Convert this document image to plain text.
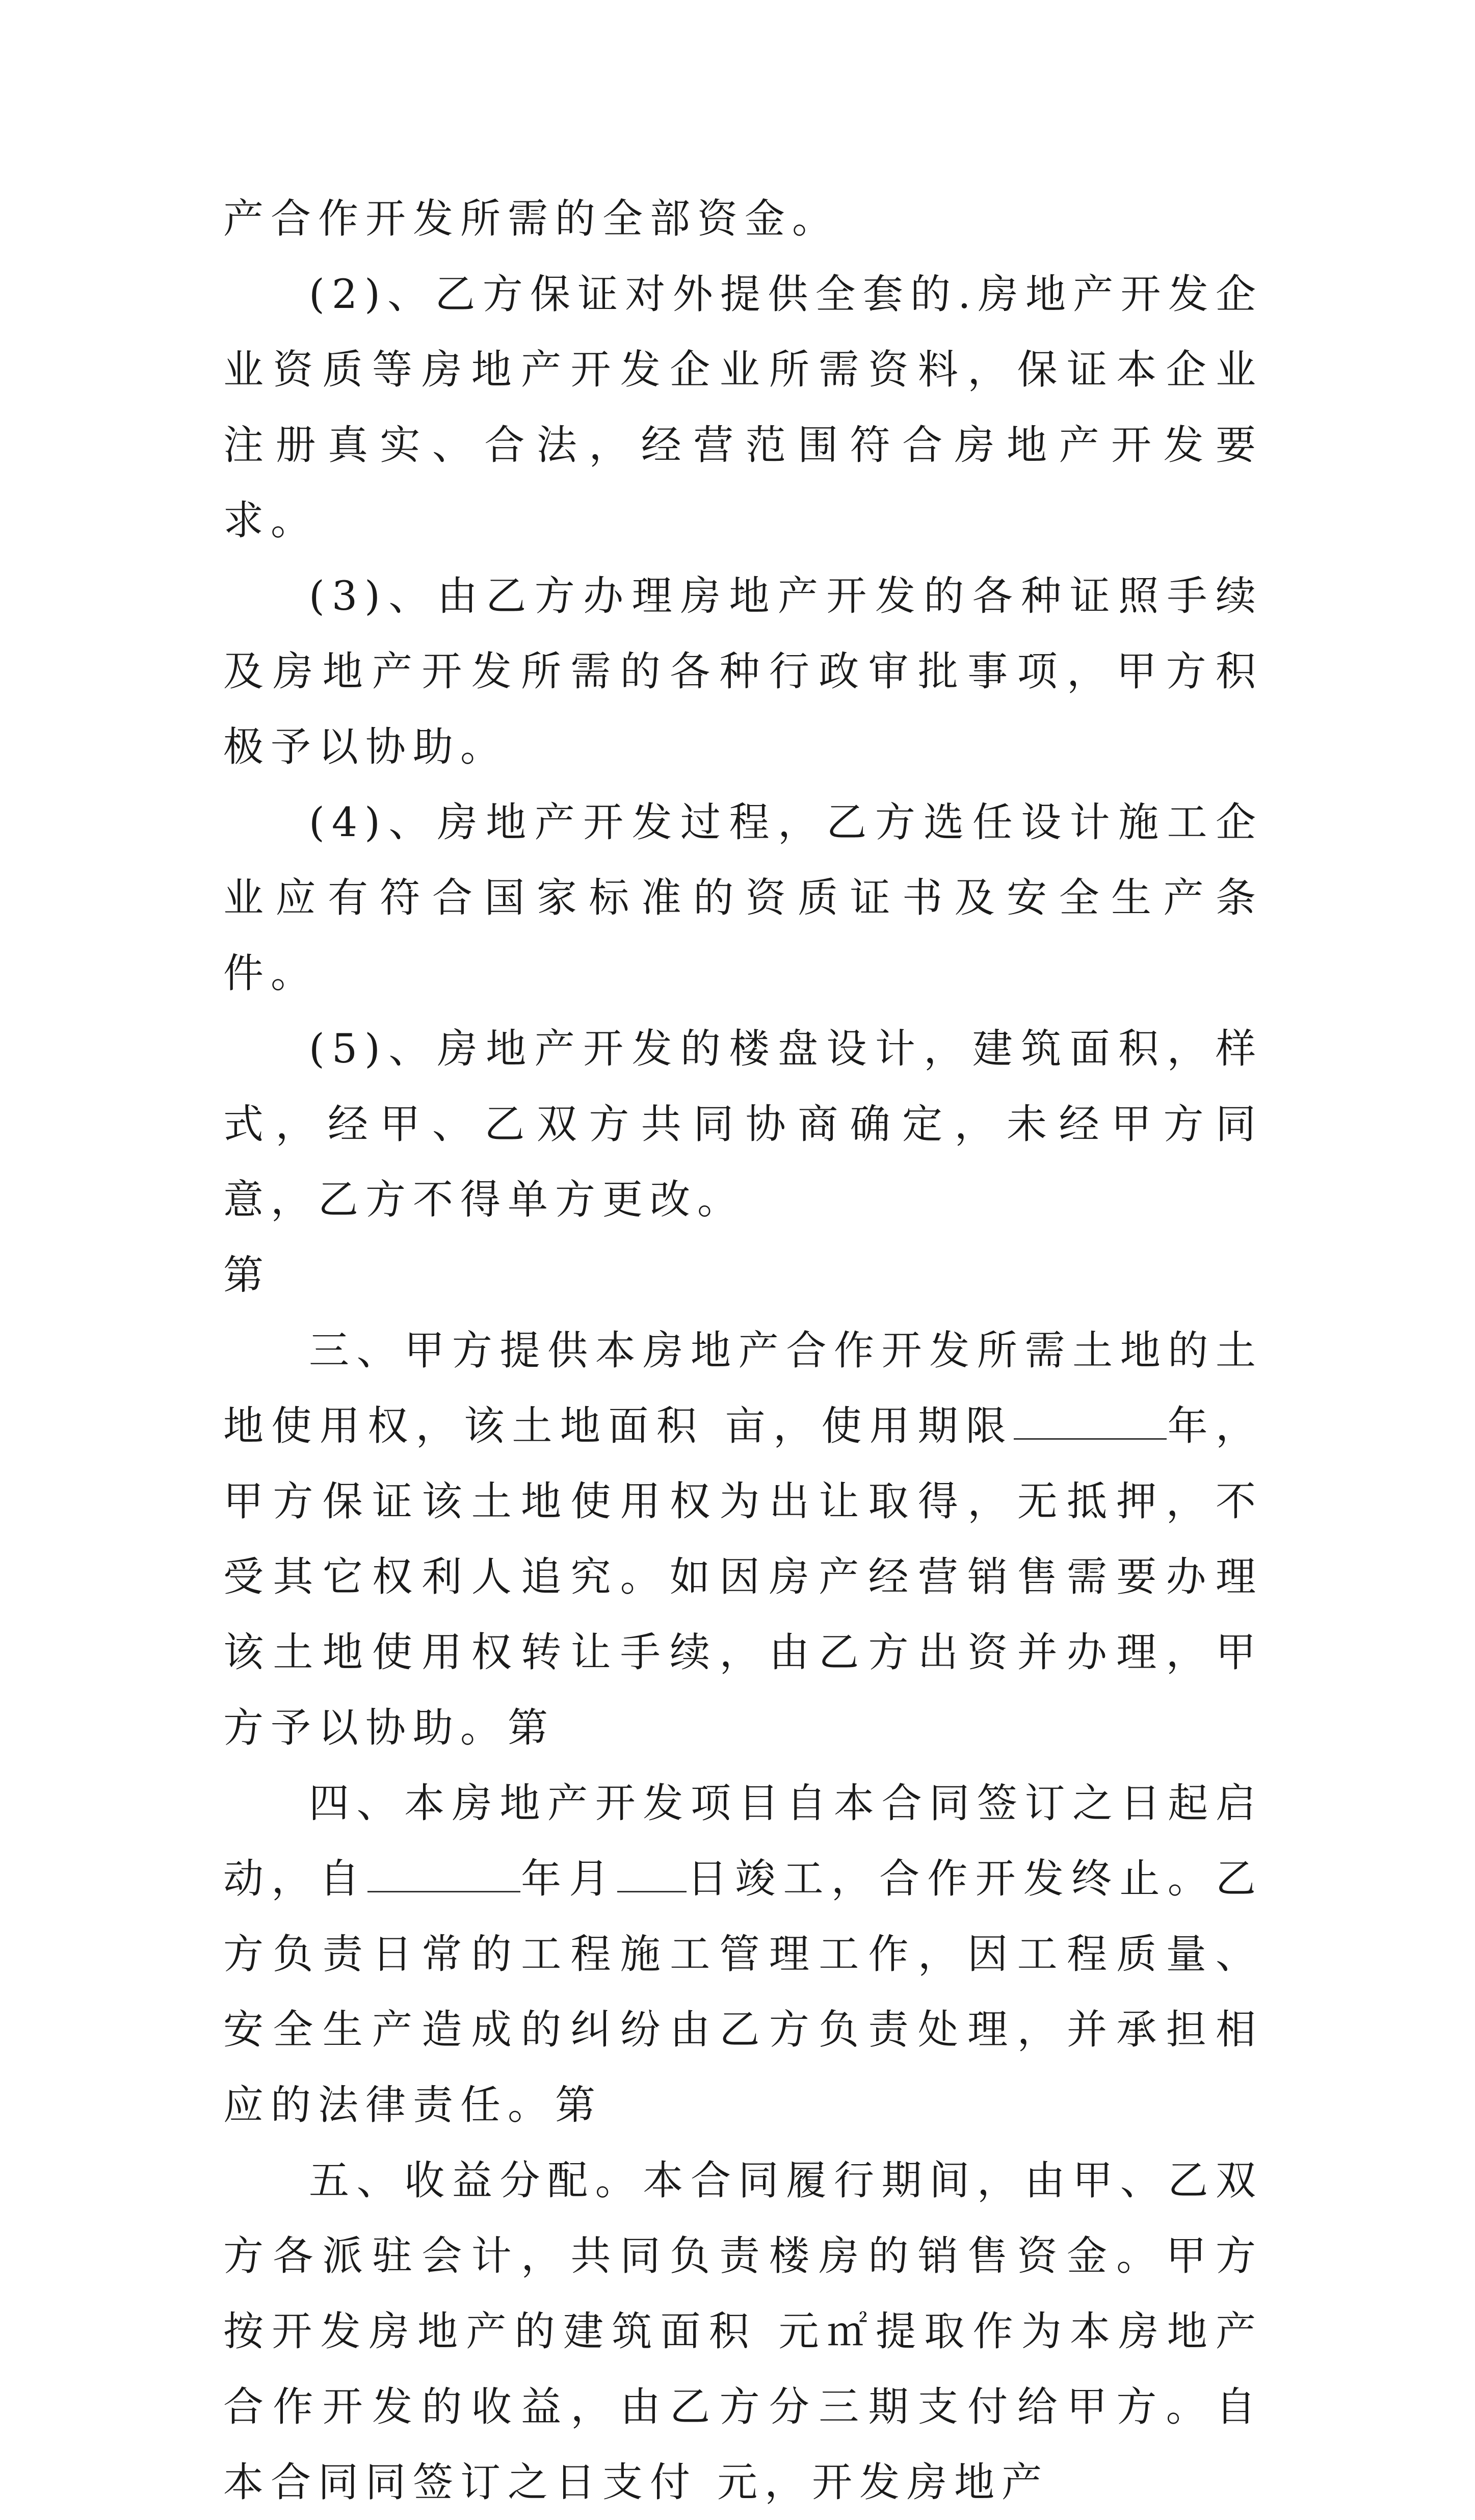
产合作开发所需的全部资金。

(2)、乙方保证对外提供全套的.房地产开发企业资质等房地产开发企业所需资料，保证本企业注册真实、合法，经营范围符合房地产开发要求。

(3)、由乙方办理房地产开发的各种证照手续及房地产开发所需的各种行政审批事项，甲方积极予以协助。

(4)、房地产开发过程，乙方选任设计施工企业应有符合国家标准的资质证书及安全生产条件。

(5)、房地产开发的楼盘设计，建筑面积，样式，经甲、乙双方共同协商确定，未经甲方同意，乙方不得单方更改。

第

三、甲方提供本房地产合作开发所需土地的土地使用权，该土地面积 亩，使用期限	年，甲方保证该土地使用权为出让取得，无抵押，不受其它权利人追究。如因房产经营销售需要办理该土地使用权转让手续，由乙方出资并办理，甲方予以协助。第

四、本房地产开发项目自本合同签订之日起启动，自	年月 日竣工，合作开发终止。乙方负责日常的工程施工管理工作，因工程质量、安全生产造成的纠纷由乙方负责处理，并承担相应的法律责任。第

五、收益分配。本合同履行期间，由甲、乙双方各派驻会计，共同负责楼房的销售资金。甲方按开发房地产的建筑面积 元㎡提取作为本房地产合作开发的收益，由乙方分三期支付给甲方。自本合同同签订之日支付 元，开发房地产
